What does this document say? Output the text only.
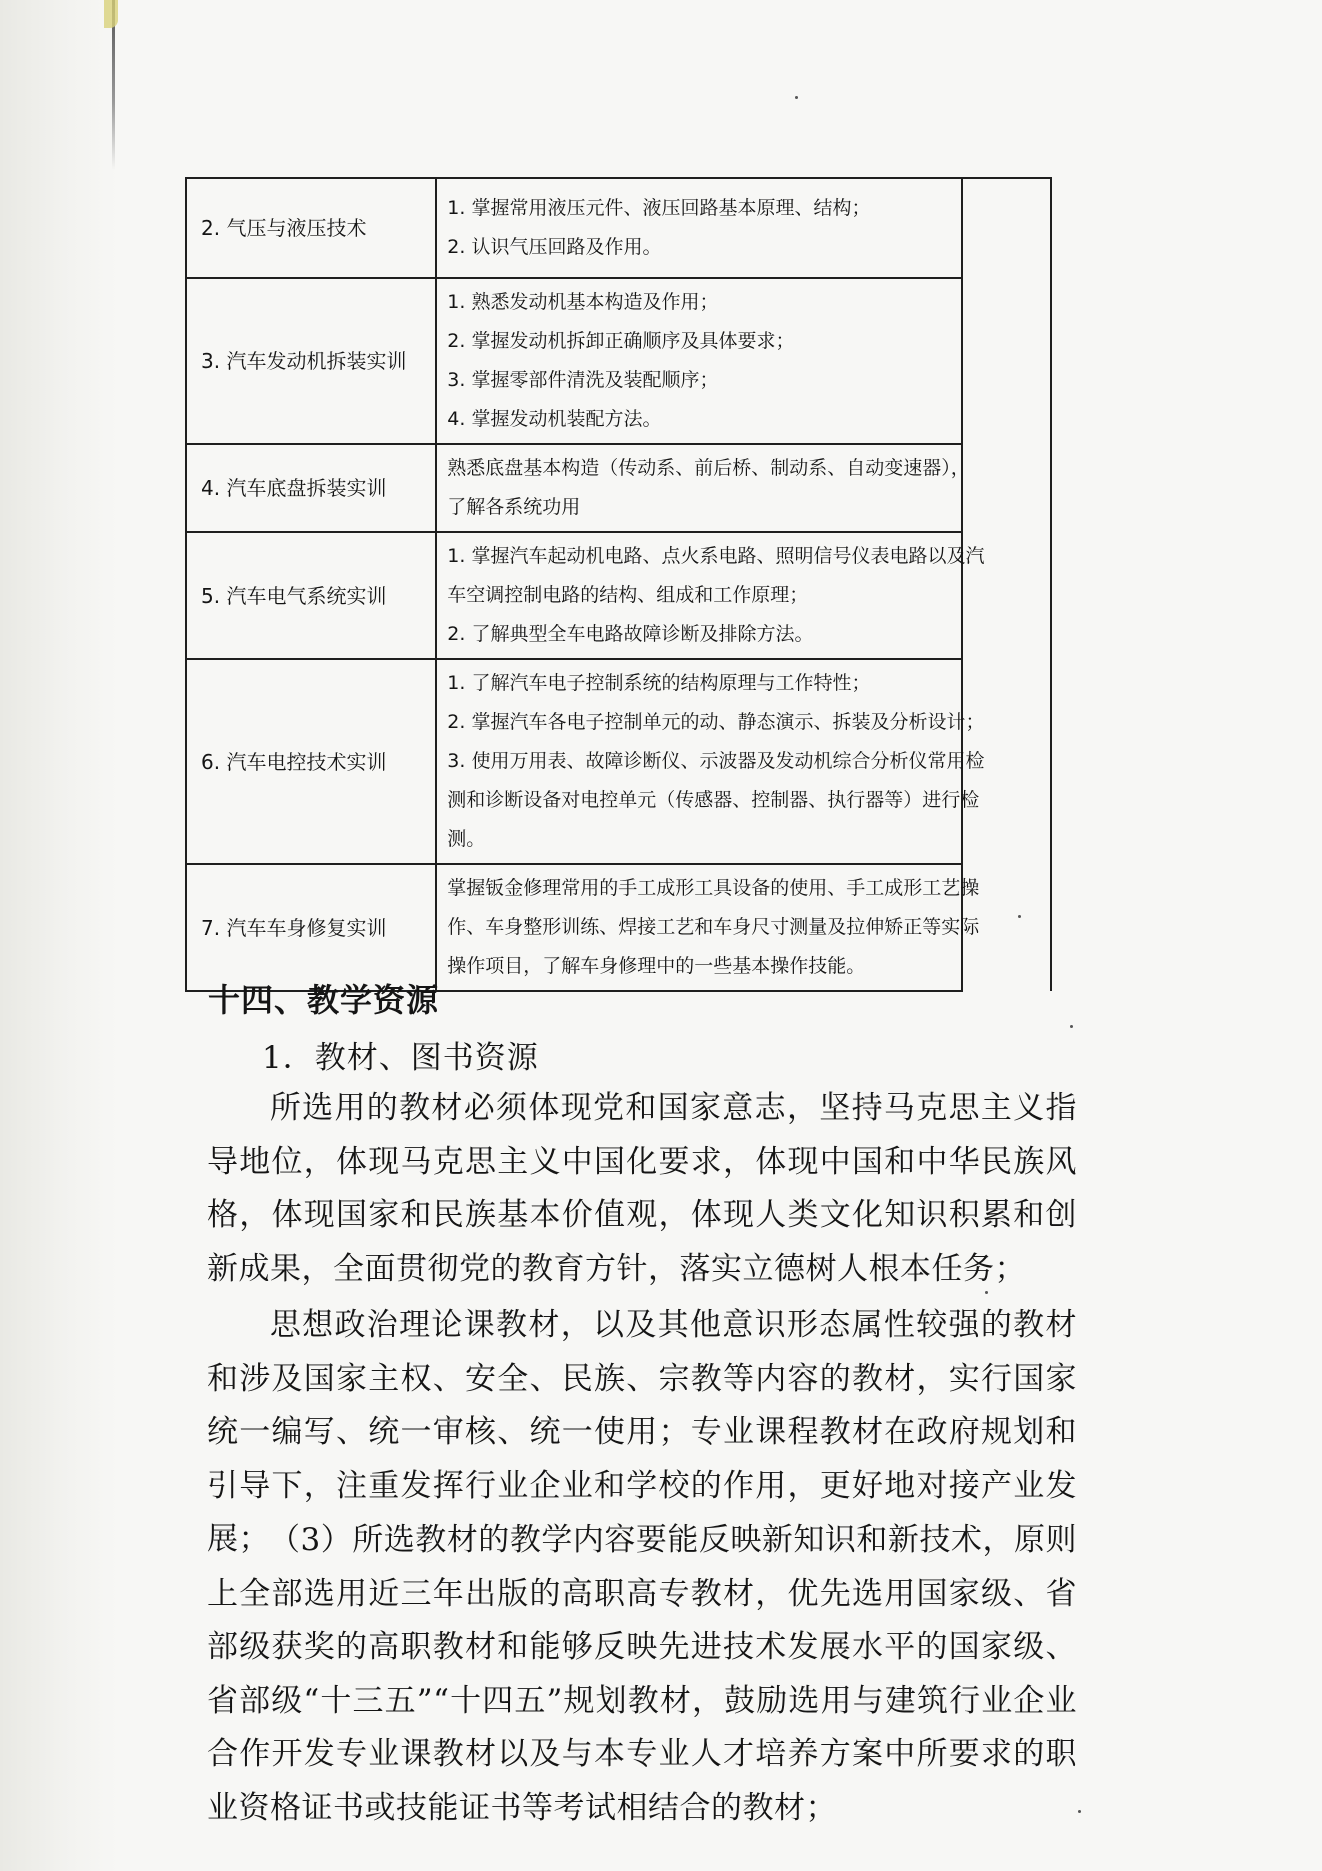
2. 气压与液压技术	1. 掌握常用液压元件、液压回路基本原理、结构；
2. 认识气压回路及作用。	

3. 汽车发动机拆装实训	1. 熟悉发动机基本构造及作用；
2. 掌握发动机拆卸正确顺序及具体要求；
3. 掌握零部件清洗及装配顺序；
4. 掌握发动机装配方法。	

4. 汽车底盘拆装实训	熟悉底盘基本构造（传动系、前后桥、制动系、自动变速器），
了解各系统功用	

5. 汽车电气系统实训	1. 掌握汽车起动机电路、点火系电路、照明信号仪表电路以及汽
车空调控制电路的结构、组成和工作原理；
2. 了解典型全车电路故障诊断及排除方法。	

6. 汽车电控技术实训	1. 了解汽车电子控制系统的结构原理与工作特性；
2. 掌握汽车各电子控制单元的动、静态演示、拆装及分析设计；
3. 使用万用表、故障诊断仪、示波器及发动机综合分析仪常用检
测和诊断设备对电控单元（传感器、控制器、执行器等）进行检
测。	

7. 汽车车身修复实训	掌握钣金修理常用的手工成形工具设备的使用、手工成形工艺操
作、车身整形训练、焊接工艺和车身尺寸测量及拉伸矫正等实际
操作项目，了解车身修理中的一些基本操作技能。	
十四、教学资源
1．教材、图书资源
所选用的教材必须体现党和国家意志，坚持马克思主义指导地位，体现马克思主义中国化要求，体现中国和中华民族风格，体现国家和民族基本价值观，体现人类文化知识积累和创新成果，全面贯彻党的教育方针，落实立德树人根本任务；
思想政治理论课教材，以及其他意识形态属性较强的教材和涉及国家主权、安全、民族、宗教等内容的教材，实行国家统一编写、统一审核、统一使用；专业课程教材在政府规划和引导下，注重发挥行业企业和学校的作用，更好地对接产业发展； （3）所选教材的教学内容要能反映新知识和新技术，原则上全部选用近三年出版的高职高专教材，优先选用国家级、省部级获奖的高职教材和能够反映先进技术发展水平的国家级、省部级“十三五”“十四五”规划教材，鼓励选用与建筑行业企业合作开发专业课教材以及与本专业人才培养方案中所要求的职业资格证书或技能证书等考试相结合的教材；
